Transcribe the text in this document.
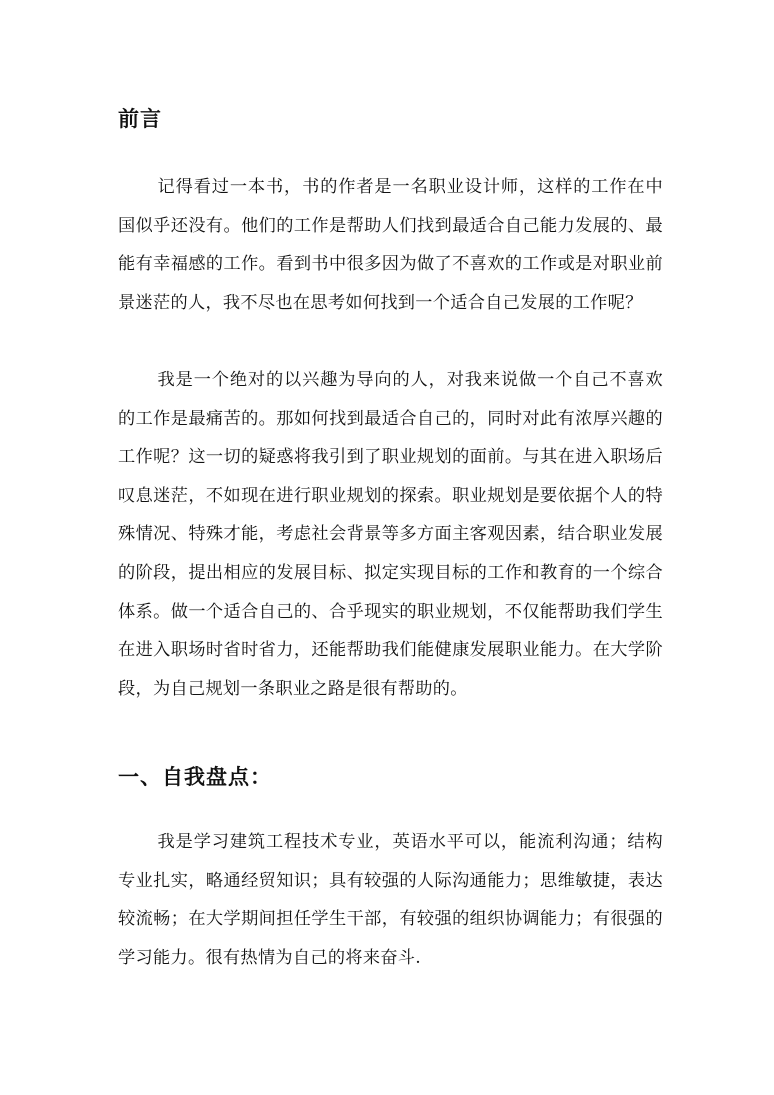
前言

记得看过一本书，书的作者是一名职业设计师，这样的工作在中国似乎还没有。他们的工作是帮助人们找到最适合自己能力发展的、最能有幸福感的工作。看到书中很多因为做了不喜欢的工作或是对职业前景迷茫的人，我不尽也在思考如何找到一个适合自己发展的工作呢？

我是一个绝对的以兴趣为导向的人，对我来说做一个自己不喜欢的工作是最痛苦的。那如何找到最适合自己的，同时对此有浓厚兴趣的工作呢？这一切的疑惑将我引到了职业规划的面前。与其在进入职场后叹息迷茫，不如现在进行职业规划的探索。职业规划是要依据个人的特殊情况、特殊才能，考虑社会背景等多方面主客观因素，结合职业发展的阶段，提出相应的发展目标、拟定实现目标的工作和教育的一个综合体系。做一个适合自己的、合乎现实的职业规划，不仅能帮助我们学生在进入职场时省时省力，还能帮助我们能健康发展职业能力。在大学阶段，为自己规划一条职业之路是很有帮助的。

一、自我盘点：

我是学习建筑工程技术专业，英语水平可以，能流利沟通；结构专业扎实，略通经贸知识；具有较强的人际沟通能力；思维敏捷，表达较流畅；在大学期间担任学生干部，有较强的组织协调能力；有很强的学习能力。很有热情为自己的将来奋斗.
